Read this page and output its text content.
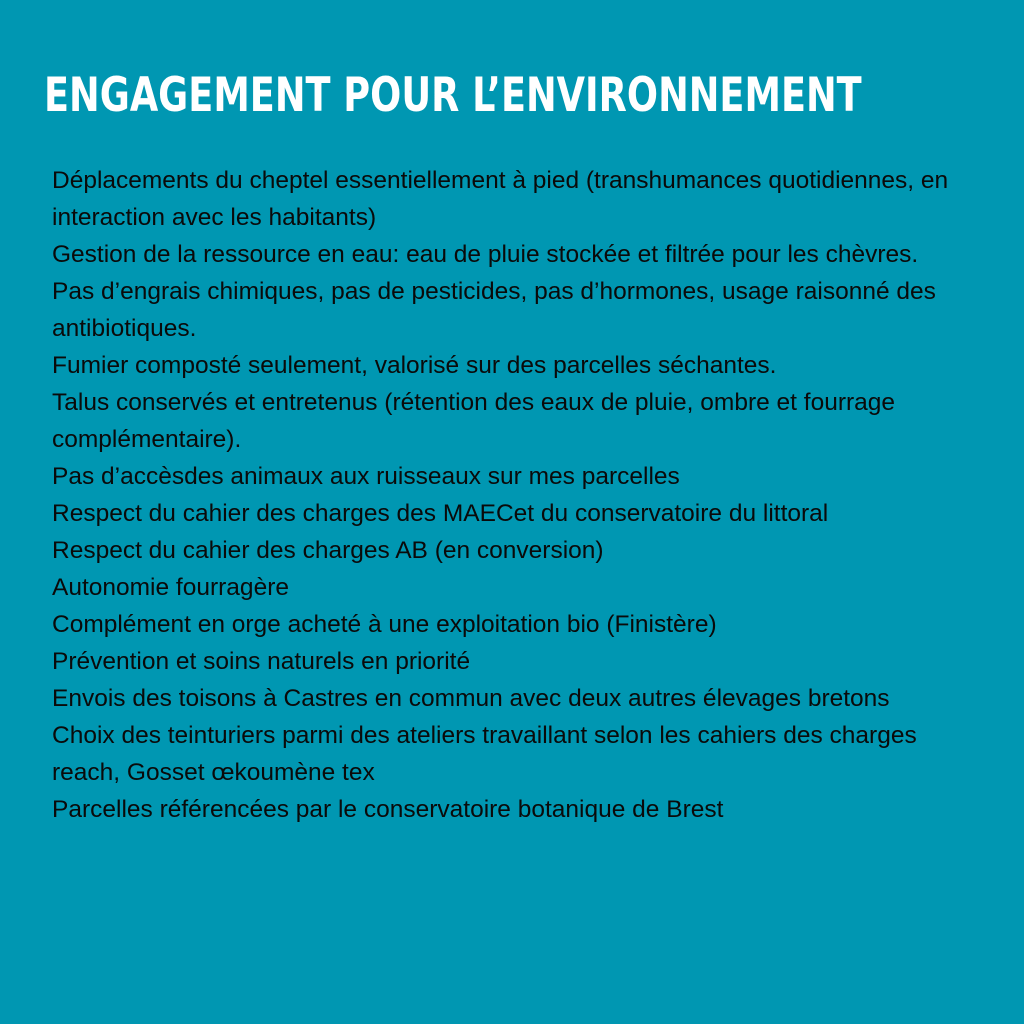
ENGAGEMENT POUR L’ENVIRONNEMENT
Déplacements du cheptel essentiellement à pied (transhumances quotidiennes, en interaction avec les habitants)
Gestion de la ressource en eau: eau de pluie stockée et filtrée pour les chèvres.
Pas d’engrais chimiques, pas de pesticides, pas d’hormones, usage raisonné des antibiotiques.
Fumier composté seulement, valorisé sur des parcelles séchantes.
Talus conservés et entretenus (rétention des eaux de pluie, ombre et fourrage complémentaire).
Pas d’accèsdes animaux aux ruisseaux sur mes parcelles
Respect du cahier des charges des MAECet du conservatoire du littoral
Respect du cahier des charges AB (en conversion)
Autonomie fourragère
Complément en orge acheté à une exploitation bio (Finistère)
Prévention et soins naturels en priorité
Envois des toisons à Castres en commun avec deux autres élevages bretons
Choix des teinturiers parmi des ateliers travaillant selon les cahiers des charges reach, Gosset œkoumène tex
Parcelles référencées par le conservatoire botanique de Brest
